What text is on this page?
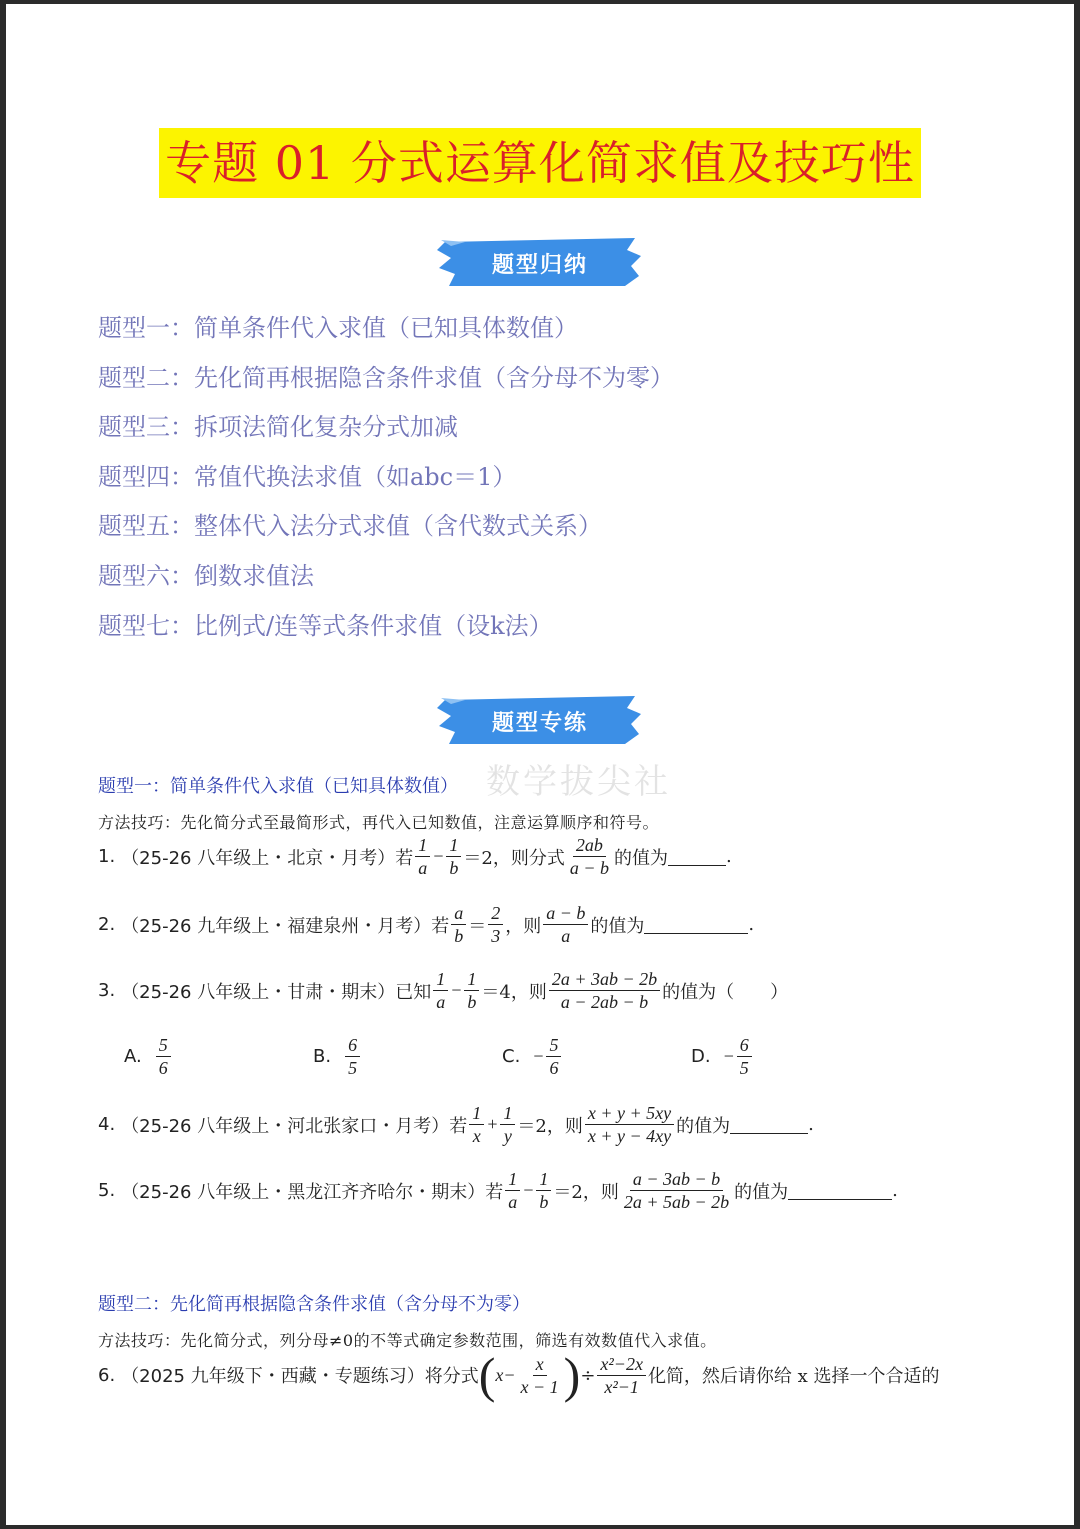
专题 01 分式运算化简求值及技巧性
题型归纳
题型一：简单条件代入求值（已知具体数值）
题型二：先化简再根据隐含条件求值（含分母不为零）
题型三：拆项法简化复杂分式加减
题型四：常值代换法求值（如abc＝1）
题型五：整体代入法分式求值（含代数式关系）
题型六：倒数求值法
题型七：比例式/连等式条件求值（设k法）
题型专练
数学拔尖社
题型一：简单条件代入求值（已知具体数值）
方法技巧：先化简分式至最简形式，再代入已知数值，注意运算顺序和符号。
1. （25-26 八年级上・北京・月考）若 $\frac{1}{a} - \frac{1}{b} =2$，则分式 $\frac{2ab}{a - b}$ 的值为	.
2. （25-26 九年级上・福建泉州・月考）若 $\frac{a}{b} = \frac{2}{3}$ ，则 $\frac{a - b}{a}$ 的值为	.
3. （25-26 八年级上・甘肃・期末）已知 $\frac{1}{a} - \frac{1}{b} =4$，则 $\frac{2a + 3ab - 2b}{a - 2ab - b}$ 的值为（　　）
A. $\frac{5}{6}$	B. $\frac{6}{5}$	C. − $\frac{5}{6}$	D. − $\frac{6}{5}$
4. （25-26 八年级上・河北张家口・月考）若 $\frac{1}{x} + \frac{1}{y} =2$，则 $\frac{x + y + 5xy}{x + y - 4xy}$ 的值为	.
5. （25-26 八年级上・黑龙江齐齐哈尔・期末）若 $\frac{1}{a} - \frac{1}{b} =2$，则 $\frac{a - 3ab - b}{2a + 5ab - 2b}$ 的值为	.
题型二：先化简再根据隐含条件求值（含分母不为零）
方法技巧：先化简分式，列分母≠0的不等式确定参数范围，筛选有效数值代入求值。
6. （2025 九年级下・西藏・专题练习）将分式 ( $x- \frac{x}{x - 1}$ ) ÷ $\frac{\text{x²−2x}}{\text{x²−1}}$ 化简，然后请你给 x 选择一个合适的
